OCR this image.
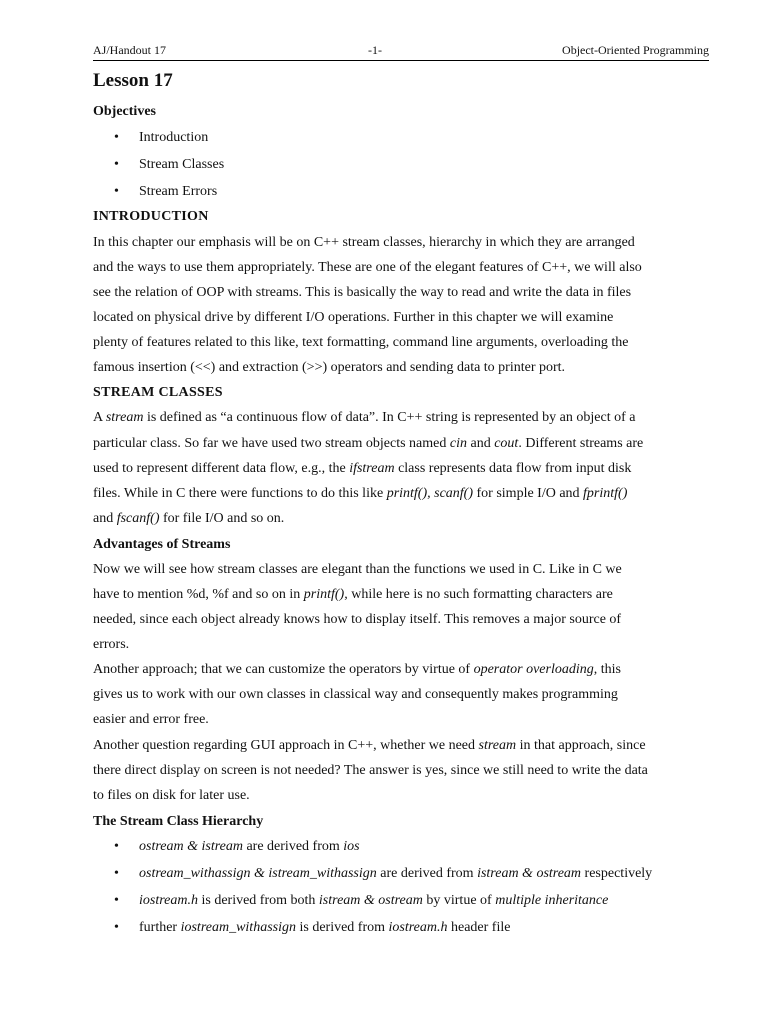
AJ/Handout 17	-1-	Object-Oriented Programming
Lesson 17
Objectives
• Introduction
• Stream Classes
• Stream Errors
INTRODUCTION
In this chapter our emphasis will be on C++ stream classes, hierarchy in which they are arranged
and the ways to use them appropriately. These are one of the elegant features of C++, we will also
see the relation of OOP with streams. This is basically the way to read and write the data in files
located on physical drive by different I/O operations. Further in this chapter we will examine
plenty of features related to this like, text formatting, command line arguments, overloading the
famous insertion (<<) and extraction (>>) operators and sending data to printer port.
STREAM CLASSES
A stream is defined as “a continuous flow of data”. In C++ string is represented by an object of a
particular class. So far we have used two stream objects named cin and cout. Different streams are
used to represent different data flow, e.g., the ifstream class represents data flow from input disk
files. While in C there were functions to do this like printf(), scanf() for simple I/O and fprintf()
and fscanf() for file I/O and so on.
Advantages of Streams
Now we will see how stream classes are elegant than the functions we used in C. Like in C we
have to mention %d, %f and so on in printf(), while here is no such formatting characters are
needed, since each object already knows how to display itself. This removes a major source of
errors.
Another approach; that we can customize the operators by virtue of operator overloading, this
gives us to work with our own classes in classical way and consequently makes programming
easier and error free.
Another question regarding GUI approach in C++, whether we need stream in that approach, since
there direct display on screen is not needed? The answer is yes, since we still need to write the data
to files on disk for later use.
The Stream Class Hierarchy
• ostream & istream are derived from ios
• ostream_withassign & istream_withassign are derived from istream & ostream respectively
• iostream.h is derived from both istream & ostream by virtue of multiple inheritance
• further iostream_withassign is derived from iostream.h header file
